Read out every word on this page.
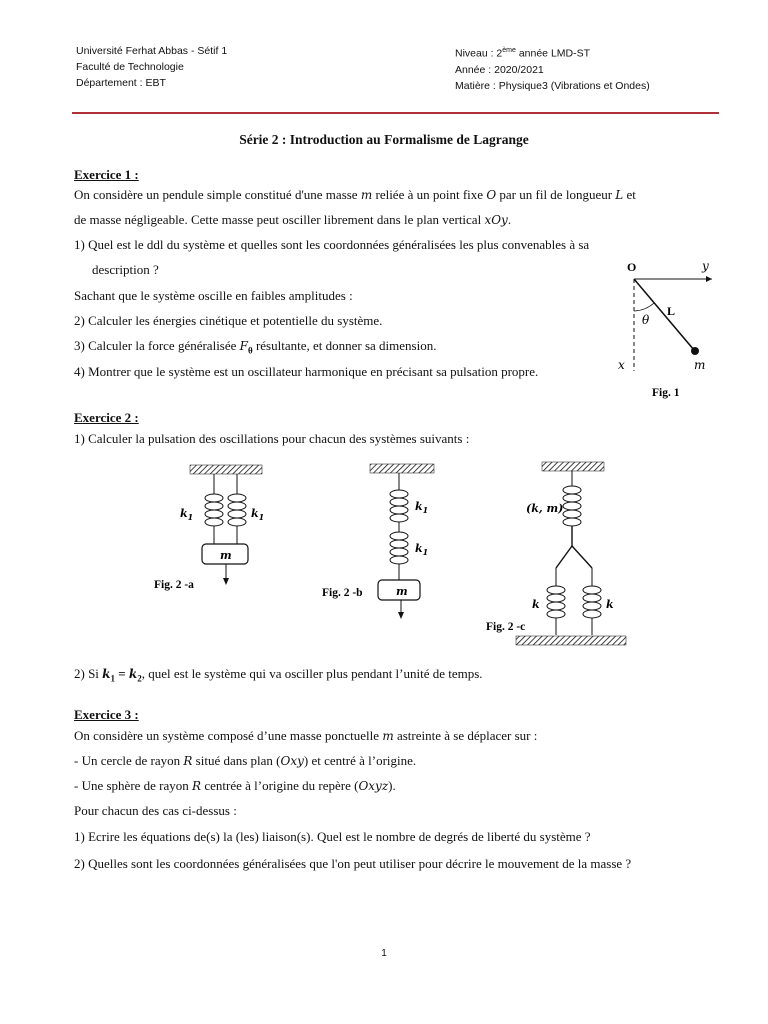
Université Ferhat Abbas - Sétif 1
Faculté de Technologie
Département : EBT
Niveau : 2ème année LMD-ST
Année : 2020/2021
Matière : Physique3 (Vibrations et Ondes)
Série 2 : Introduction au Formalisme de Lagrange
Exercice 1 :
On considère un pendule simple constitué d'une masse m reliée à un point fixe O par un fil de longueur L et
de masse négligeable. Cette masse peut osciller librement dans le plan vertical xOy.
1) Quel est le ddl du système et quelles sont les coordonnées généralisées les plus convenables à sa
description ?
Sachant que le système oscille en faibles amplitudes :
2) Calculer les énergies cinétique et potentielle du système.
3) Calculer la force généralisée $F_\theta$ résultante, et donner sa dimension.
4) Montrer que le système est un oscillateur harmonique en précisant sa pulsation propre.
O	y
L
θ
x	m
Fig. 1
Exercice 2 :
1) Calculer la pulsation des oscillations pour chacun des systèmes suivants :
m
$k_1$	$k_1$
Fig. 2 -a	m
$k_1$
$k_1$
Fig. 2 -b
(k, m)
k	k
Fig. 2 -c
2) Si $k_1 = k_2$, quel est le système qui va osciller plus pendant l’unité de temps.
Exercice 3 :
On considère un système composé d’une masse ponctuelle m astreinte à se déplacer sur :
- Un cercle de rayon R situé dans plan (Oxy) et centré à l’origine.
- Une sphère de rayon R centrée à l’origine du repère (Oxyz).
Pour chacun des cas ci-dessus :
1) Ecrire les équations de(s) la (les) liaison(s). Quel est le nombre de degrés de liberté du système ?
2) Quelles sont les coordonnées généralisées que l'on peut utiliser pour décrire le mouvement de la masse ?
1
